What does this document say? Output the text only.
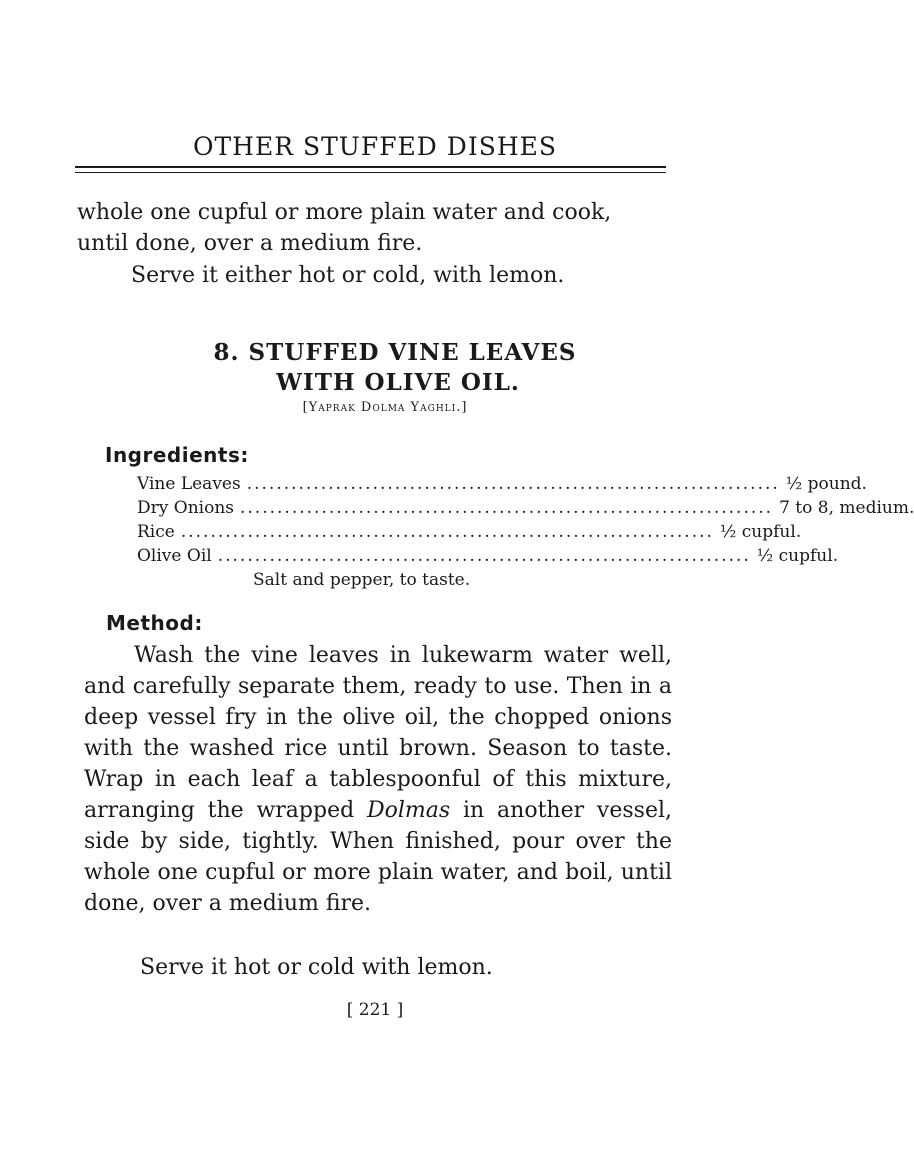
OTHER STUFFED DISHES

whole one cupful or more plain water and cook, until done, over a medium fire.

Serve it either hot or cold, with lemon.

8. STUFFED VINE LEAVES
WITH OLIVE OIL.
[Yaprak Dolma Yaghli.]
Ingredients:
Vine Leaves ........................................................................ ½ pound.
Dry Onions ........................................................................ 7 to 8, medium.
Rice ........................................................................ ½ cupful.
Olive Oil ........................................................................ ½ cupful.
Salt and pepper, to taste.
Method:

Wash the vine leaves in lukewarm water well, and carefully separate them, ready to use. Then in a deep vessel fry in the olive oil, the chopped onions with the washed rice until brown. Season to taste. Wrap in each leaf a tablespoonful of this mixture, arranging the wrapped Dolmas in another vessel, side by side, tightly. When finished, pour over the whole one cupful or more plain water, and boil, until done, over a medium fire.

Serve it hot or cold with lemon.

[ 221 ]
